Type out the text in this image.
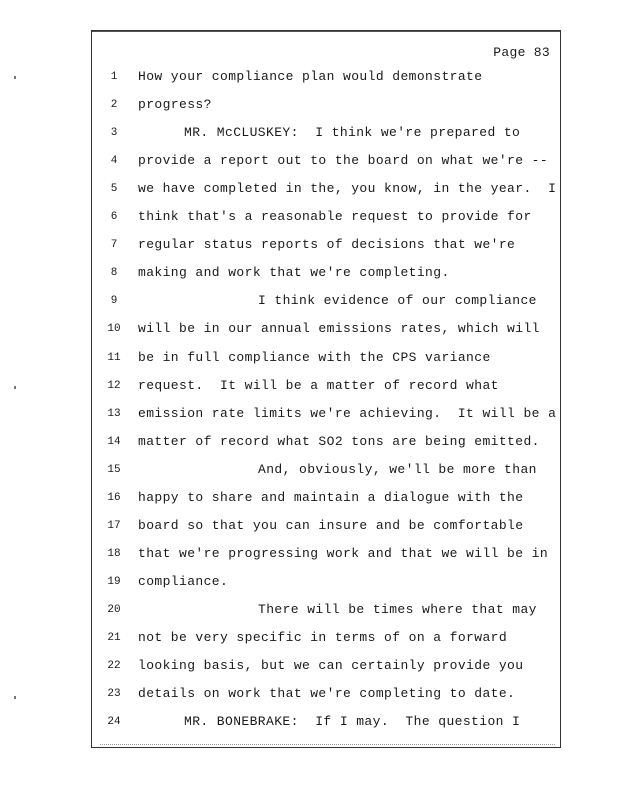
Page 83
1	How your compliance plan would demonstrate
2	progress?
3	MR. McCLUSKEY:  I think we're prepared to
4	provide a report out to the board on what we're --
5	we have completed in the, you know, in the year.  I
6	think that's a reasonable request to provide for
7	regular status reports of decisions that we're
8	making and work that we're completing.
9	I think evidence of our compliance
10	will be in our annual emissions rates, which will
11	be in full compliance with the CPS variance
12	request.  It will be a matter of record what
13	emission rate limits we're achieving.  It will be a
14	matter of record what SO2 tons are being emitted.
15	And, obviously, we'll be more than
16	happy to share and maintain a dialogue with the
17	board so that you can insure and be comfortable
18	that we're progressing work and that we will be in
19	compliance.
20	There will be times where that may
21	not be very specific in terms of on a forward
22	looking basis, but we can certainly provide you
23	details on work that we're completing to date.
24	MR. BONEBRAKE:  If I may.  The question I
